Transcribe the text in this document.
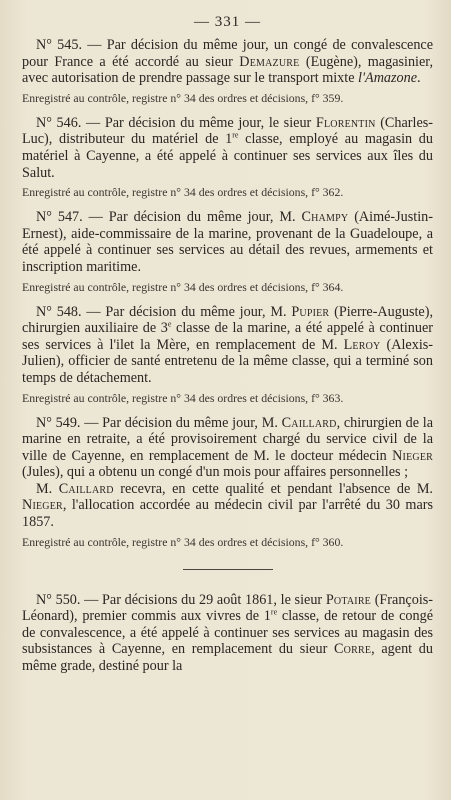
— 331 —

N° 545. — Par décision du même jour, un congé de convalescence pour France a été accordé au sieur Demazure (Eugène), magasinier, avec autorisation de prendre passage sur le transport mixte l'Amazone.

Enregistré au contrôle, registre n° 34 des ordres et décisions, f° 359.

N° 546. — Par décision du même jour, le sieur Florentin (Charles-Luc), distributeur du matériel de 1re classe, employé au magasin du matériel à Cayenne, a été appelé à continuer ses services aux îles du Salut.

Enregistré au contrôle, registre n° 34 des ordres et décisions, f° 362.

N° 547. — Par décision du même jour, M. Champy (Aimé-Justin-Ernest), aide-commissaire de la marine, provenant de la Guadeloupe, a été appelé à continuer ses services au détail des revues, armements et inscription maritime.

Enregistré au contrôle, registre n° 34 des ordres et décisions, f° 364.

N° 548. — Par décision du même jour, M. Pupier (Pierre-Auguste), chirurgien auxiliaire de 3e classe de la marine, a été appelé à continuer ses services à l'ilet la Mère, en remplacement de M. Leroy (Alexis-Julien), officier de santé entretenu de la même classe, qui a terminé son temps de détachement.

Enregistré au contrôle, registre n° 34 des ordres et décisions, f° 363.

N° 549. — Par décision du même jour, M. Caillard, chirurgien de la marine en retraite, a été provisoirement chargé du service civil de la ville de Cayenne, en remplacement de M. le docteur médecin Nieger (Jules), qui a obtenu un congé d'un mois pour affaires personnelles ;

M. Caillard recevra, en cette qualité et pendant l'absence de M. Nieger, l'allocation accordée au médecin civil par l'arrêté du 30 mars 1857.

Enregistré au contrôle, registre n° 34 des ordres et décisions, f° 360.

N° 550. — Par décisions du 29 août 1861, le sieur Potaire (François-Léonard), premier commis aux vivres de 1re classe, de retour de congé de convalescence, a été appelé à continuer ses services au magasin des subsistances à Cayenne, en remplacement du sieur Corre, agent du même grade, destiné pour la
